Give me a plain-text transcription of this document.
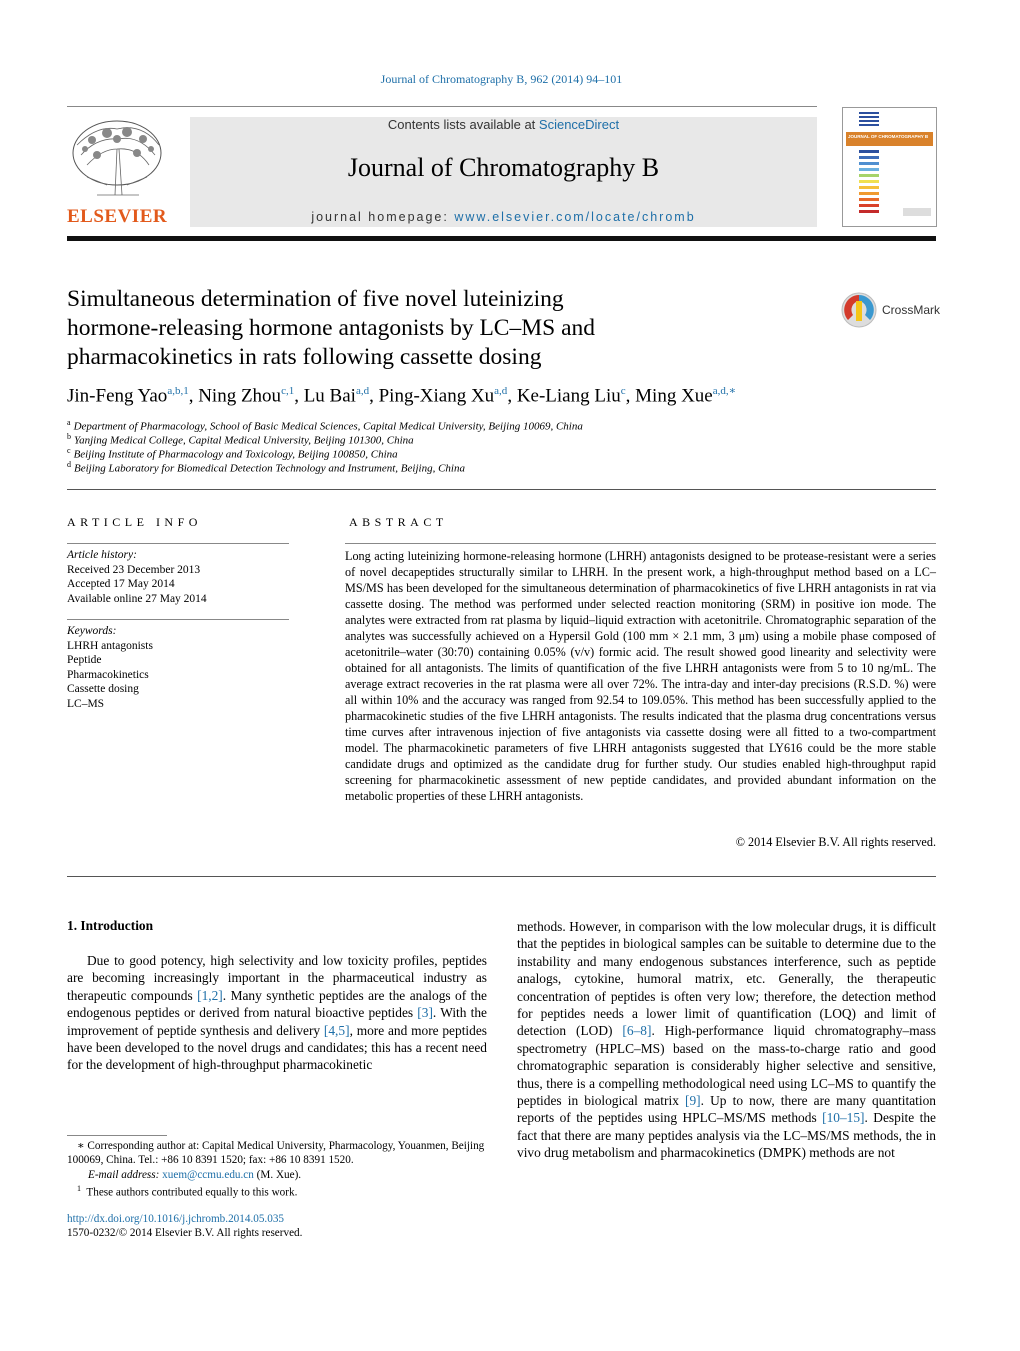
Journal of Chromatography B, 962 (2014) 94–101
ELSEVIER
Contents lists available at ScienceDirect
Journal of Chromatography B
journal homepage: www.elsevier.com/locate/chromb
JOURNAL OF CHROMATOGRAPHY B
Simultaneous determination of five novel luteinizing
hormone-releasing hormone antagonists by LC–MS and
pharmacokinetics in rats following cassette dosing
CrossMark
Jin-Feng Yao$^{a,b,1}$, Ning Zhou$^{c,1}$, Lu Bai$^{a,d}$, Ping-Xiang Xu$^{a,d}$, Ke-Liang Liu$^c$, Ming Xue$^{a,d,∗}$
$^a$ Department of Pharmacology, School of Basic Medical Sciences, Capital Medical University, Beijing 10069, China
$^b$ Yanjing Medical College, Capital Medical University, Beijing 101300, China
$^c$ Beijing Institute of Pharmacology and Toxicology, Beijing 100850, China
$^d$ Beijing Laboratory for Biomedical Detection Technology and Instrument, Beijing, China
ARTICLE INFO
Article history:
Received 23 December 2013
Accepted 17 May 2014
Available online 27 May 2014
Keywords:
LHRH antagonists
Peptide
Pharmacokinetics
Cassette dosing
LC–MS
ABSTRACT
Long acting luteinizing hormone-releasing hormone (LHRH) antagonists designed to be protease-resistant were a series of novel decapeptides structurally similar to LHRH. In the present work, a high-throughput method based on a LC–MS/MS has been developed for the simultaneous determination of pharmacokinetics of five LHRH antagonists in rat via cassette dosing. The method was performed under selected reaction monitoring (SRM) in positive ion mode. The analytes were extracted from rat plasma by liquid–liquid extraction with acetonitrile. Chromatographic separation of the analytes was successfully achieved on a Hypersil Gold (100 mm × 2.1 mm, 3 μm) using a mobile phase composed of acetonitrile–water (30:70) containing 0.05% (v/v) formic acid. The result showed good linearity and selectivity were obtained for all antagonists. The limits of quantification of the five LHRH antagonists were from 5 to 10 ng/mL. The average extract recoveries in the rat plasma were all over 72%. The intra-day and inter-day precisions (R.S.D. %) were all within 10% and the accuracy was ranged from 92.54 to 109.05%. This method has been successfully applied to the pharmacokinetic studies of the five LHRH antagonists. The results indicated that the plasma drug concentrations versus time curves after intravenous injection of five antagonists via cassette dosing were all fitted to a two-compartment model. The pharmacokinetic parameters of five LHRH antagonists suggested that LY616 could be the more stable candidate drugs and optimized as the candidate drug for further study. Our studies enabled high-throughput rapid screening for pharmacokinetic assessment of new peptide candidates, and provided abundant information on the metabolic properties of these LHRH antagonists.
© 2014 Elsevier B.V. All rights reserved.
1. Introduction

Due to good potency, high selectivity and low toxicity profiles, peptides are becoming increasingly important in the pharmaceutical industry as therapeutic compounds [1,2]. Many synthetic peptides are the analogs of the endogenous peptides or derived from natural bioactive peptides [3]. With the improvement of peptide synthesis and delivery [4,5], more and more peptides have been developed to the novel drugs and candidates; this has a recent need for the development of high-throughput pharmacokinetic

methods. However, in comparison with the low molecular drugs, it is difficult that the peptides in biological samples can be suitable to determine due to the instability and many endogenous substances interference, such as peptide analogs, cytokine, humoral matrix, etc. Generally, the therapeutic concentration of peptides is often very low; therefore, the detection method for peptides needs a lower limit of quantification (LOQ) and limit of detection (LOD) [6–8]. High-performance liquid chromatography–mass spectrometry (HPLC–MS) based on the mass-to-charge ratio and good chromatographic separation is considerably higher selective and sensitive, thus, there is a compelling methodological need using LC–MS to quantify the peptides in biological matrix [9]. Up to now, there are many quantitation reports of the peptides using HPLC–MS/MS methods [10–15]. Despite the fact that there are many peptides analysis via the LC–MS/MS methods, the in vivo drug metabolism and pharmacokinetics (DMPK) methods are not

∗ Corresponding author at: Capital Medical University, Pharmacology, Youanmen, Beijing 100069, China. Tel.: +86 10 8391 1520; fax: +86 10 8391 1520.
E-mail address: xuem@ccmu.edu.cn (M. Xue).
$^1$ These authors contributed equally to this work.
http://dx.doi.org/10.1016/j.jchromb.2014.05.035
1570-0232/© 2014 Elsevier B.V. All rights reserved.
